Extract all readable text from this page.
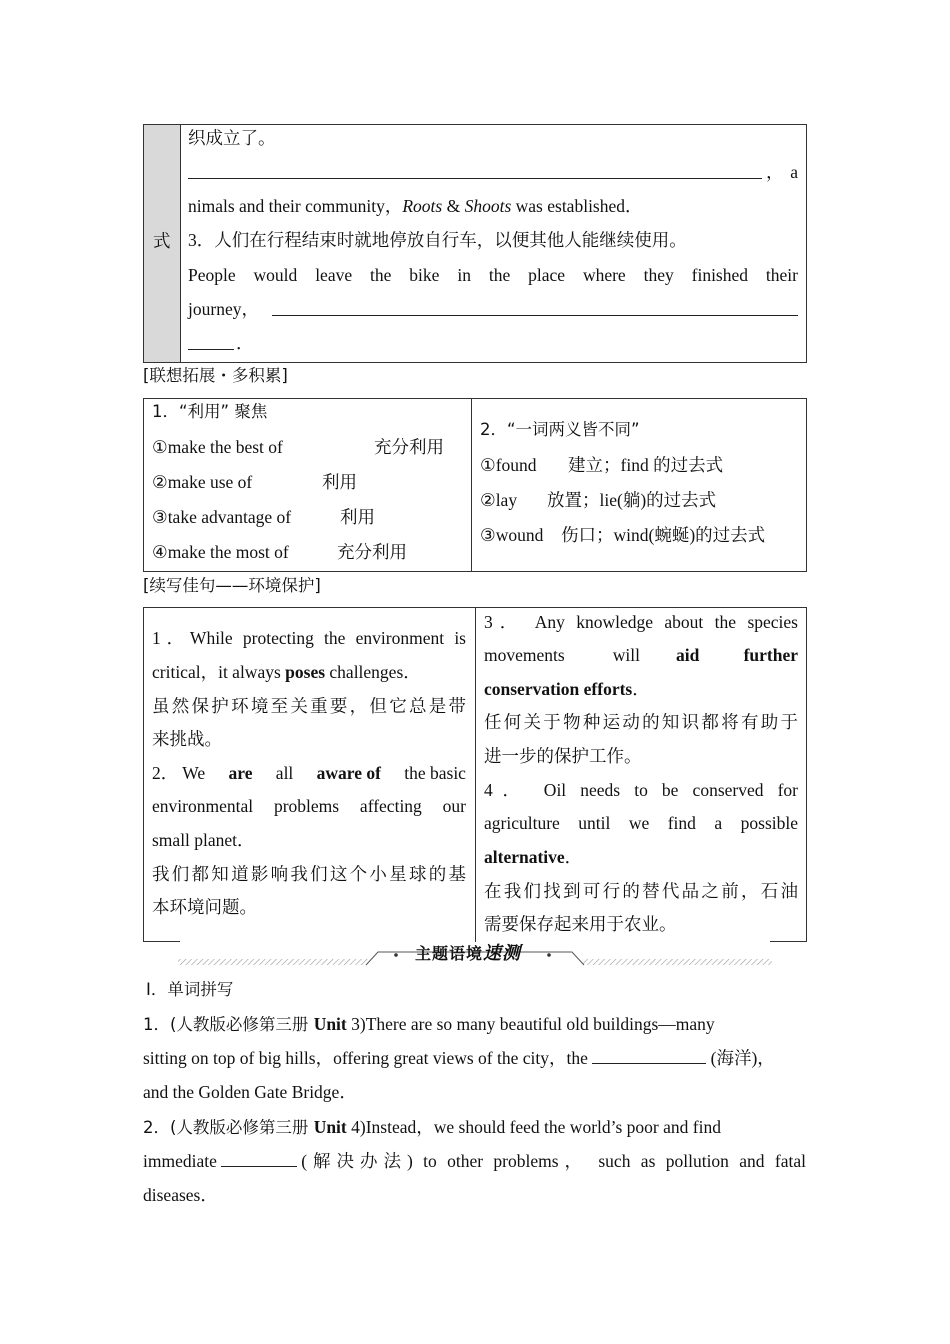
式
织成立了。
，a
nimals and their community，Roots & Shoots was established．
3．人们在行程结束时就地停放自行车，以便其他人能继续使用。
People would leave the bike in the place where they finished their
journey，
．
[联想拓展・多积累]
1．“利用” 聚焦
①make the best of	充分利用
②make use of	利用
③take advantage of	利用
④make the most of	充分利用
2．“一词两义皆不同”
①found 建立；find 的过去式
②lay 放置；lie(躺)的过去式
③wound 伤口；wind(蜿蜒)的过去式
[续写佳句——环境保护]
1．While protecting the environment is
critical，it always poses challenges．
虽然保护环境至关重要，但它总是带
来挑战。
2． We are all aware of the basic
environmental problems affecting our
small planet．
我们都知道影响我们这个小星球的基
本环境问题。
3． Any knowledge about the species
movements will	aid further
conservation efforts．
任何关于物种运动的知识都将有助于
进一步的保护工作。
4． Oil needs to be conserved for
agriculture until we find a possible
alternative．
在我们找到可行的替代品之前，石油
需要保存起来用于农业。
主题语境速测
Ⅰ．单词拼写
1．(人教版必修第三册 Unit 3)There are so many beautiful old buildings—many
sitting on top of big hills，offering great views of the city，the	(海洋)，
and the Golden Gate Bridge．
2．(人教版必修第三册 Unit 4)Instead，we should feed the world’s poor and find
immediate	(解决办法) to other problems， such as pollution and fatal
diseases．
